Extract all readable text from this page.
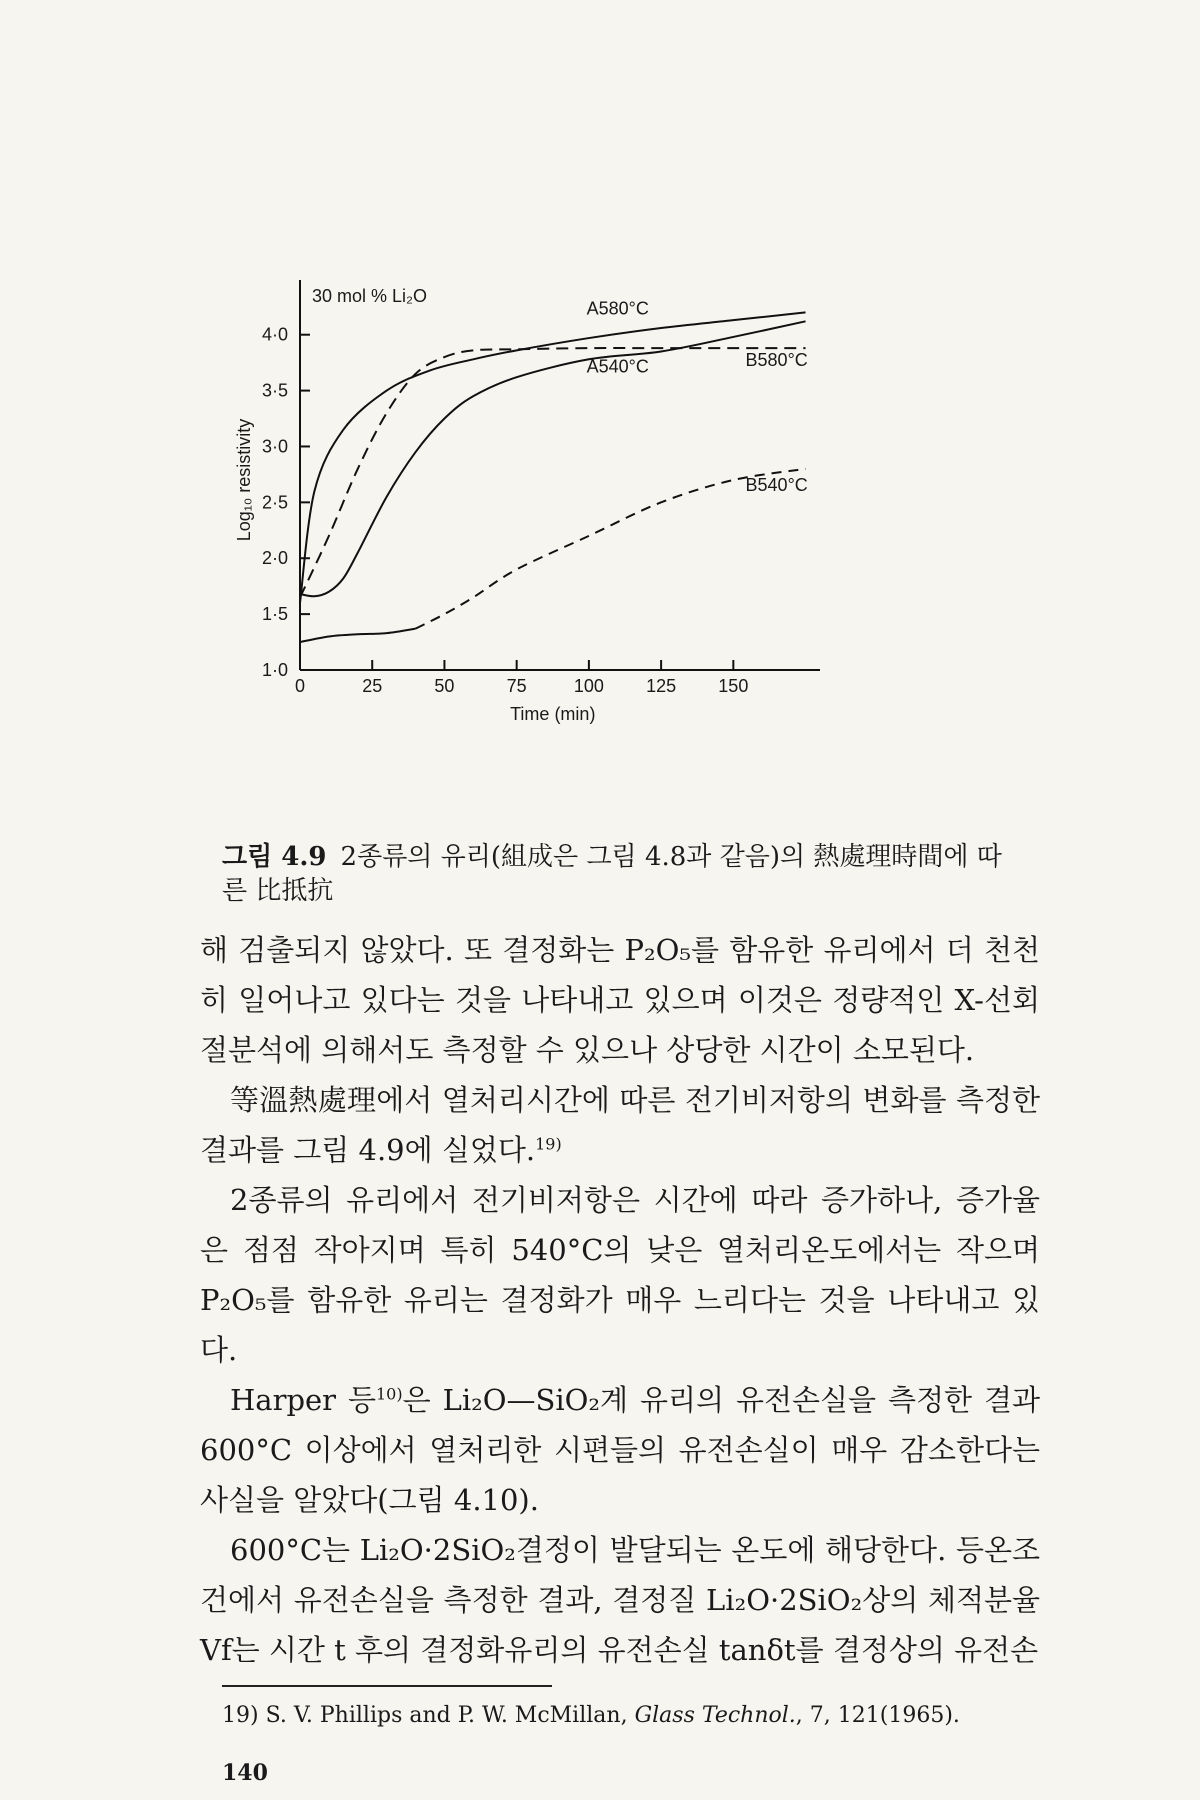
1·0
1·5
2·0
2·5
3·0
3·5
4·0
0	25	50	75	100 125 150
Time (min)
Log₁₀ resistivity
30 mol % Li₂O
A580°C
A540°C	B580°C
B540°C
그림 4.9 2종류의 유리(組成은 그림 4.8과 같음)의 熱處理時間에 따른 比抵抗

해 검출되지 않았다. 또 결정화는 P₂O₅를 함유한 유리에서 더 천천히 일어나고 있다는 것을 나타내고 있으며 이것은 정량적인 X-선회절분석에 의해서도 측정할 수 있으나 상당한 시간이 소모된다.

等溫熱處理에서 열처리시간에 따른 전기비저항의 변화를 측정한 결과를 그림 4.9에 실었다.$^{19)}$

2종류의 유리에서 전기비저항은 시간에 따라 증가하나, 증가율은 점점 작아지며 특히 540°C의 낮은 열처리온도에서는 작으며 P₂O₅를 함유한 유리는 결정화가 매우 느리다는 것을 나타내고 있다.

Harper 등$^{10)}$은 Li₂O—SiO₂계 유리의 유전손실을 측정한 결과 600°C 이상에서 열처리한 시편들의 유전손실이 매우 감소한다는 사실을 알았다(그림 4.10).

600°C는 Li₂O·2SiO₂결정이 발달되는 온도에 해당한다. 등온조건에서 유전손실을 측정한 결과, 결정질 Li₂O·2SiO₂상의 체적분율 Vf는 시간 t 후의 결정화유리의 유전손실 tanδt를 결정상의 유전손

19) S. V. Phillips and P. W. McMillan, Glass Technol., 7, 121(1965).
140
